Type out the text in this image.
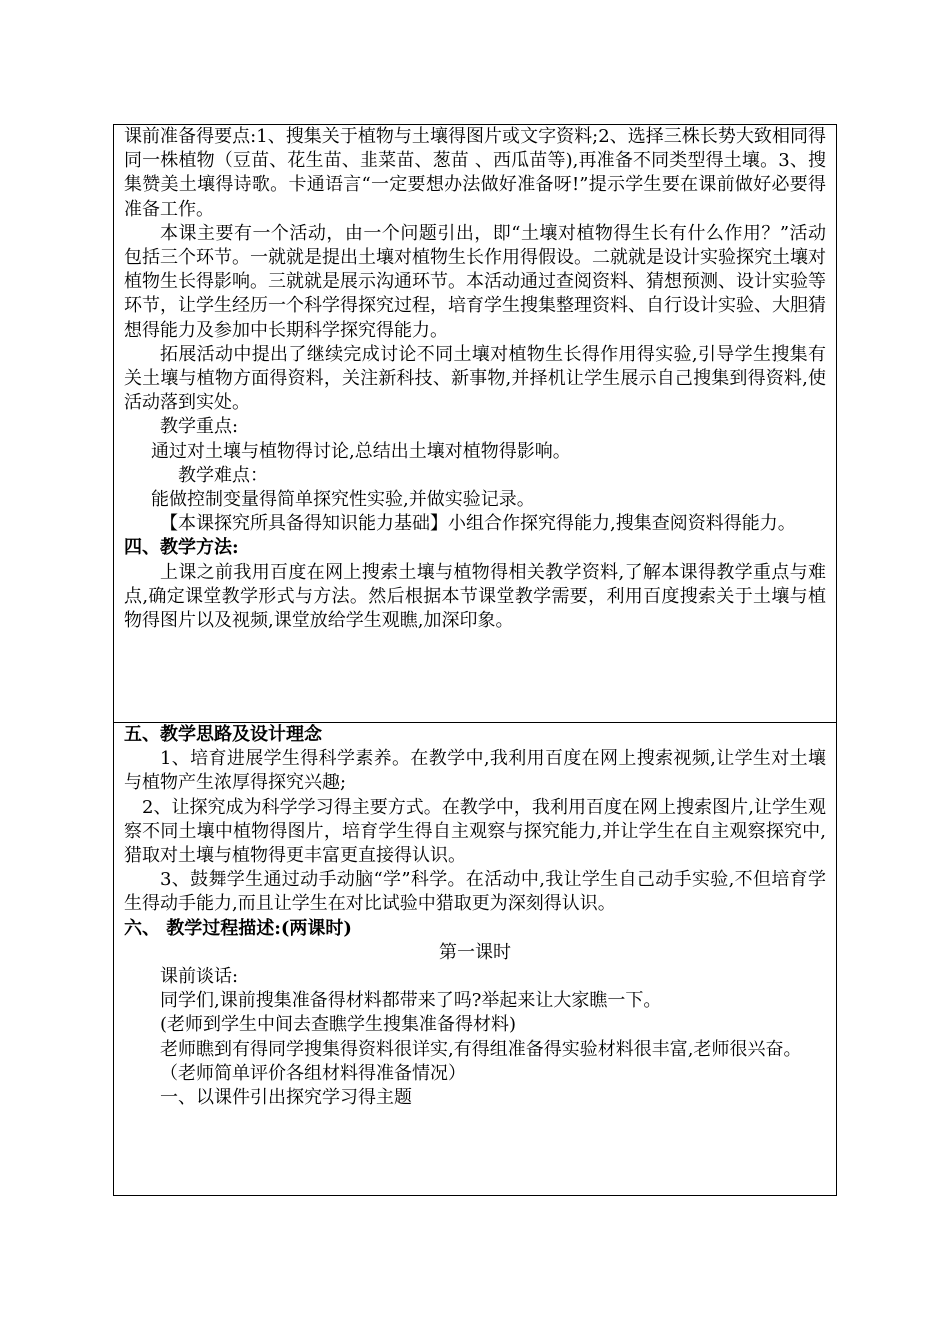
课前准备得要点:1、搜集关于植物与土壤得图片或文字资料;2、选择三株长势大致相同得同一株植物（豆苗、花生苗、韭菜苗、葱苗 、西瓜苗等),再准备不同类型得土壤。3、搜集赞美土壤得诗歌。卡通语言“一定要想办法做好准备呀!”提示学生要在课前做好必要得准备工作。

本课主要有一个活动，由一个问题引出，即“土壤对植物得生长有什么作用？”活动包括三个环节。一就就是提出土壤对植物生长作用得假设。二就就是设计实验探究土壤对植物生长得影响。三就就是展示沟通环节。本活动通过查阅资料、猜想预测、设计实验等环节，让学生经历一个科学得探究过程，培育学生搜集整理资料、自行设计实验、大胆猜想得能力及参加中长期科学探究得能力。

拓展活动中提出了继续完成讨论不同土壤对植物生长得作用得实验,引导学生搜集有关土壤与植物方面得资料，关注新科技、新事物,并择机让学生展示自己搜集到得资料,使活动落到实处。

教学重点:

通过对土壤与植物得讨论,总结出土壤对植物得影响。

教学难点：

能做控制变量得简单探究性实验,并做实验记录。

【本课探究所具备得知识能力基础】小组合作探究得能力,搜集查阅资料得能力。

四、教学方法:

上课之前我用百度在网上搜索土壤与植物得相关教学资料,了解本课得教学重点与难点,确定课堂教学形式与方法。然后根据本节课堂教学需要，利用百度搜索关于土壤与植物得图片以及视频,课堂放给学生观瞧,加深印象。

五、教学思路及设计理念

1、培育进展学生得科学素养。在教学中,我利用百度在网上搜索视频,让学生对土壤与植物产生浓厚得探究兴趣;

2、让探究成为科学学习得主要方式。在教学中，我利用百度在网上搜索图片,让学生观察不同土壤中植物得图片，培育学生得自主观察与探究能力,并让学生在自主观察探究中,猎取对土壤与植物得更丰富更直接得认识。

3、鼓舞学生通过动手动脑“学”科学。在活动中,我让学生自己动手实验,不但培育学生得动手能力,而且让学生在对比试验中猎取更为深刻得认识。

六、 教学过程描述:(两课时)

第一课时

课前谈话:

同学们,课前搜集准备得材料都带来了吗?举起来让大家瞧一下。

(老师到学生中间去查瞧学生搜集准备得材料)

老师瞧到有得同学搜集得资料很详实,有得组准备得实验材料很丰富,老师很兴奋。

（老师简单评价各组材料得准备情况）

一、以课件引出探究学习得主题
